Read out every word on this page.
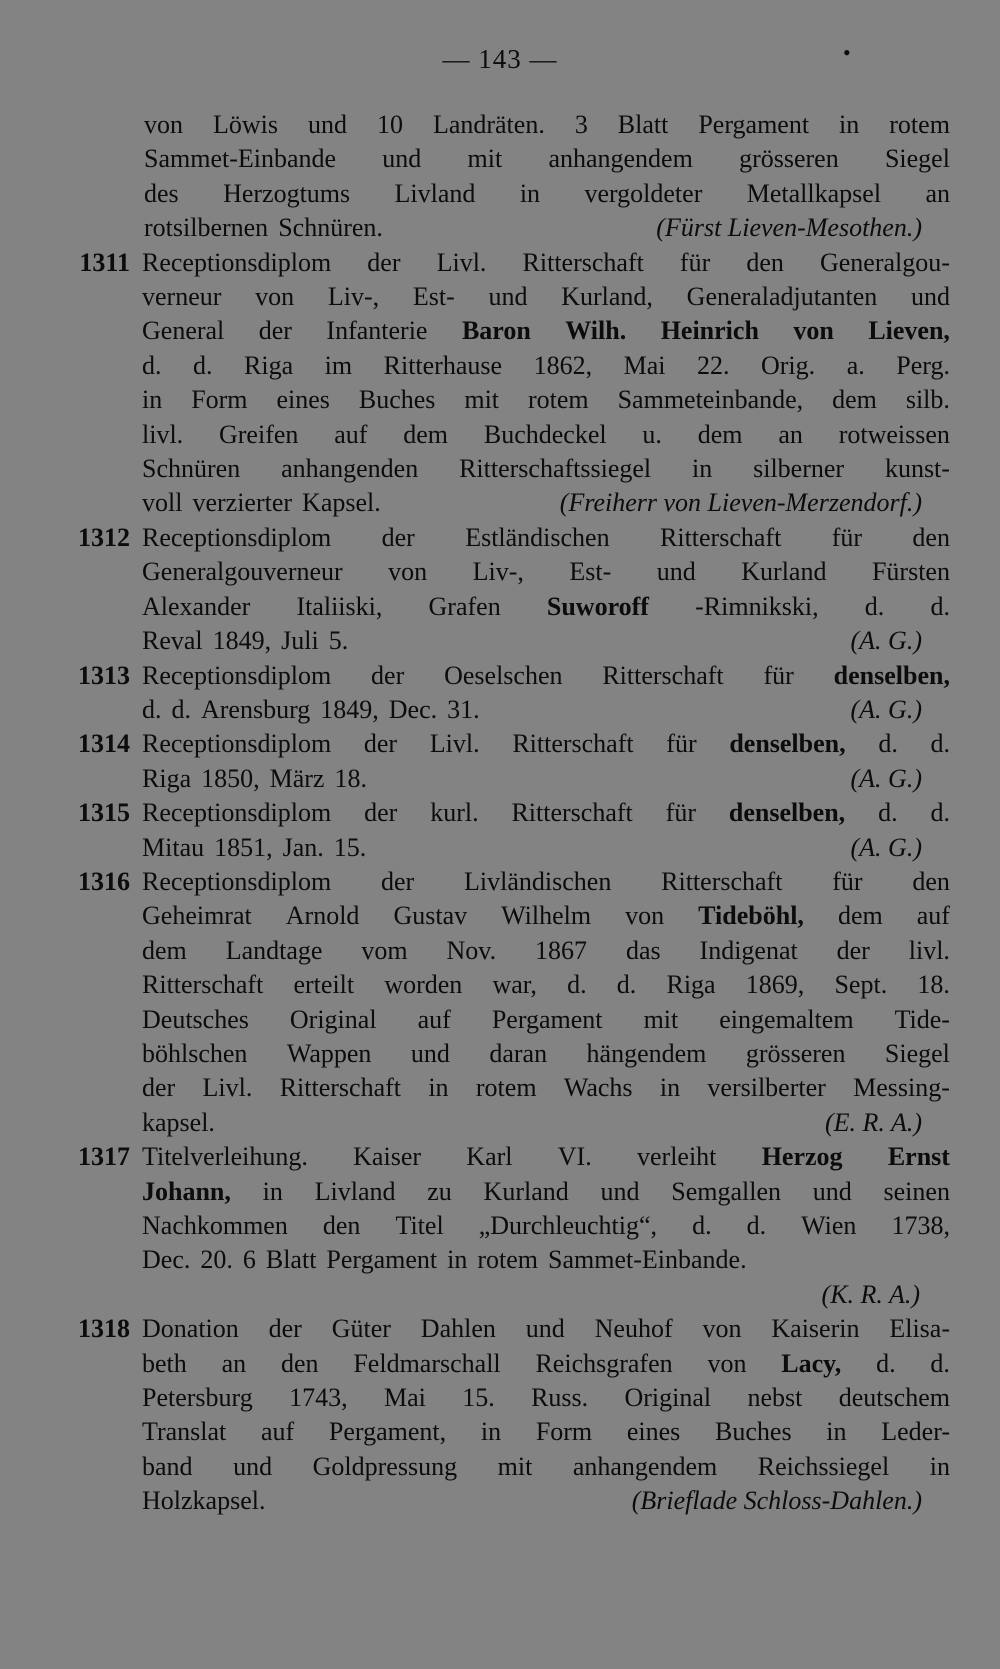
— 143 —	•
von Löwis und 10 Landräten. 3 Blatt Pergament in rotem
Sammet-Einbande und mit anhangendem grösseren Siegel
des Herzogtums Livland in vergoldeter Metallkapsel an
rotsilbernen Schnüren.	(Fürst Lieven-Mesothen.)
1311 Receptionsdiplom der Livl. Ritterschaft für den Generalgou-
verneur von Liv-, Est- und Kurland, Generaladjutanten und
General der Infanterie Baron Wilh. Heinrich von Lieven,
d. d. Riga im Ritterhause 1862, Mai 22. Orig. a. Perg.
in Form eines Buches mit rotem Sammeteinbande, dem silb.
livl. Greifen auf dem Buchdeckel u. dem an rotweissen
Schnüren anhangenden Ritterschaftssiegel in silberner kunst-
voll verzierter Kapsel.	(Freiherr von Lieven-Merzendorf.)
1312 Receptionsdiplom der Estländischen Ritterschaft für den
Generalgouverneur von Liv-, Est- und Kurland Fürsten
Alexander Italiiski, Grafen Suworoff -Rimnikski, d. d.
Reval 1849, Juli 5.	(A. G.)
1313 Receptionsdiplom der Oeselschen Ritterschaft für denselben,
d. d. Arensburg 1849, Dec. 31.	(A. G.)
1314 Receptionsdiplom der Livl. Ritterschaft für denselben, d. d.
Riga 1850, März 18.	(A. G.)
1315 Receptionsdiplom der kurl. Ritterschaft für denselben, d. d.
Mitau 1851, Jan. 15.	(A. G.)
1316 Receptionsdiplom der Livländischen Ritterschaft für den
Geheimrat Arnold Gustav Wilhelm von Tideböhl, dem auf
dem Landtage vom Nov. 1867 das Indigenat der livl.
Ritterschaft erteilt worden war, d. d. Riga 1869, Sept. 18.
Deutsches Original auf Pergament mit eingemaltem Tide-
böhlschen Wappen und daran hängendem grösseren Siegel
der Livl. Ritterschaft in rotem Wachs in versilberter Messing-
kapsel.	(E. R. A.)
1317 Titelverleihung. Kaiser Karl VI. verleiht Herzog Ernst
Johann, in Livland zu Kurland und Semgallen und seinen
Nachkommen den Titel „Durchleuchtig“, d. d. Wien 1738,
Dec. 20. 6 Blatt Pergament in rotem Sammet-Einbande.
(K. R. A.)
1318 Donation der Güter Dahlen und Neuhof von Kaiserin Elisa-
beth an den Feldmarschall Reichsgrafen von Lacy, d. d.
Petersburg 1743, Mai 15. Russ. Original nebst deutschem
Translat auf Pergament, in Form eines Buches in Leder-
band und Goldpressung mit anhangendem Reichssiegel in
Holzkapsel.	(Brieflade Schloss-Dahlen.)
